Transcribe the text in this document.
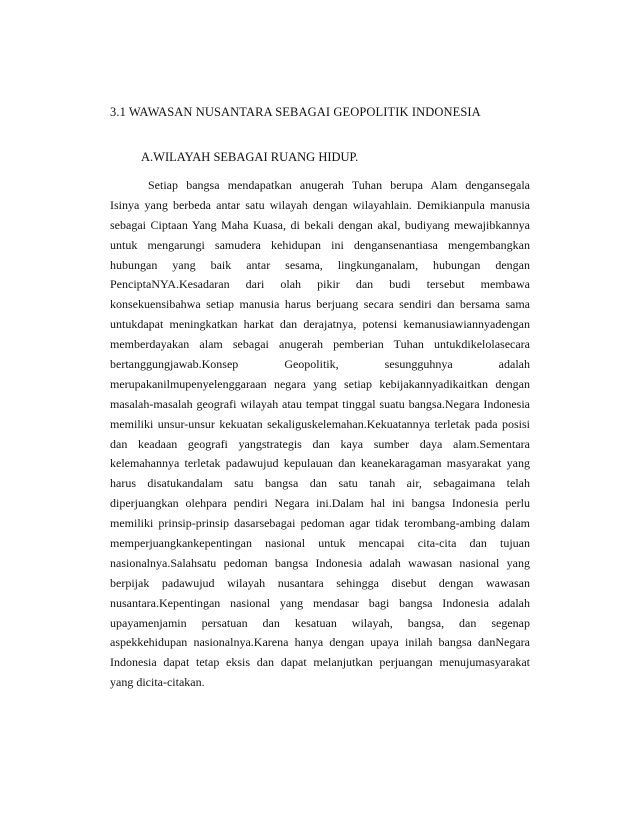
3.1 WAWASAN NUSANTARA SEBAGAI GEOPOLITIK INDONESIA
A.WILAYAH SEBAGAI RUANG HIDUP.
Setiap bangsa mendapatkan anugerah Tuhan berupa Alam dengansegala
Isinya yang berbeda antar satu wilayah dengan wilayahlain. Demikianpula manusia
sebagai Ciptaan Yang Maha Kuasa, di bekali dengan akal, budiyang mewajibkannya
untuk mengarungi samudera kehidupan ini dengansenantiasa mengembangkan
hubungan yang baik antar sesama, lingkunganalam, hubungan dengan
PenciptaNYA.Kesadaran dari olah pikir dan budi tersebut membawa
konsekuensibahwa setiap manusia harus berjuang secara sendiri dan bersama sama
untukdapat meningkatkan harkat dan derajatnya, potensi kemanusiawiannyadengan
memberdayakan alam sebagai anugerah pemberian Tuhan untukdikelolasecara
bertanggungjawab.Konsep Geopolitik, sesungguhnya adalah
merupakanilmupenyelenggaraan negara yang setiap kebijakannyadikaitkan dengan
masalah-masalah geografi wilayah atau tempat tinggal suatu bangsa.Negara Indonesia
memiliki unsur-unsur kekuatan sekaliguskelemahan.Kekuatannya terletak pada posisi
dan keadaan geografi yangstrategis dan kaya sumber daya alam.Sementara
kelemahannya terletak padawujud kepulauan dan keanekaragaman masyarakat yang
harus disatukandalam satu bangsa dan satu tanah air, sebagaimana telah
diperjuangkan olehpara pendiri Negara ini.Dalam hal ini bangsa Indonesia perlu
memiliki prinsip-prinsip dasarsebagai pedoman agar tidak terombang-ambing dalam
memperjuangkankepentingan nasional untuk mencapai cita-cita dan tujuan
nasionalnya.Salahsatu pedoman bangsa Indonesia adalah wawasan nasional yang
berpijak padawujud wilayah nusantara sehingga disebut dengan wawasan
nusantara.Kepentingan nasional yang mendasar bagi bangsa Indonesia adalah
upayamenjamin persatuan dan kesatuan wilayah, bangsa, dan segenap
aspekkehidupan nasionalnya.Karena hanya dengan upaya inilah bangsa danNegara
Indonesia dapat tetap eksis dan dapat melanjutkan perjuangan menujumasyarakat
yang dicita-citakan.
